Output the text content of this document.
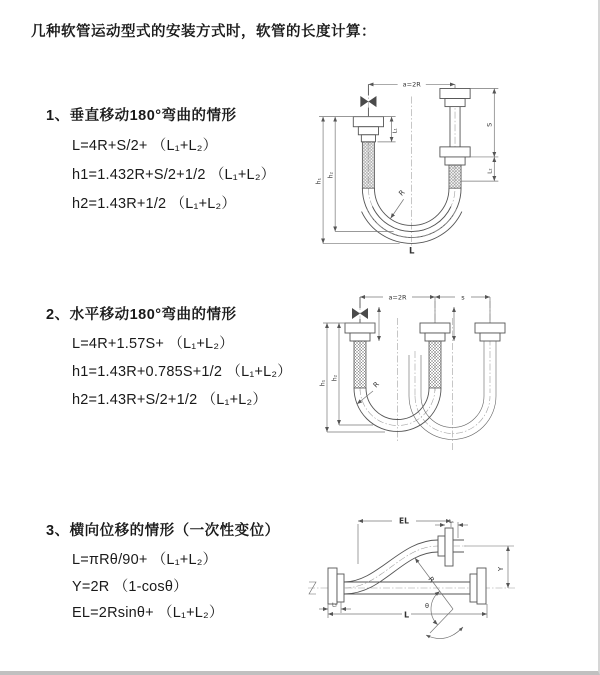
几种软管运动型式的安装方式时，软管的长度计算：
1、垂直移动180°弯曲的情形
L=4R+S/2+ （L₁+L₂）
h1=1.432R+S/2+1/2 （L₁+L₂）
h2=1.43R+1/2 （L₁+L₂）
2、水平移动180°弯曲的情形
L=4R+1.57S+ （L₁+L₂）
h1=1.43R+0.785S+1/2 （L₁+L₂）
h2=1.43R+S/2+1/2 （L₁+L₂）
3、横向位移的情形（一次性变位）
L=πRθ/90+ （L₁+L₂）
Y=2R （1-cosθ）
EL=2Rsinθ+ （L₁+L₂）
a=2R
R
L
h₁
h₂
L₁
S
L₂
a=2R	s
h₁
h₂
R
EL	L₁
Y
L
L₂
R
θ
